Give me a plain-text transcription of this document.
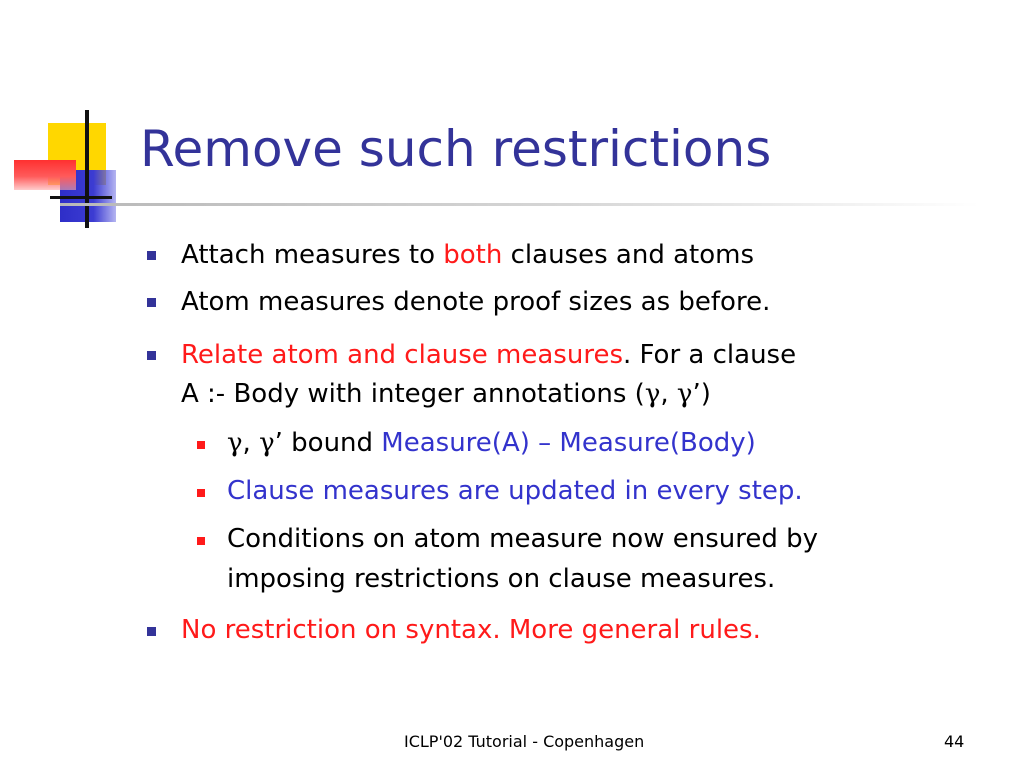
Remove such restrictions
Attach measures to both clauses and atoms
Atom measures denote proof sizes as before.
Relate atom and clause measures. For a clause
A :- Body with integer annotations (γ, γ’)
γ, γ’ bound Measure(A) – Measure(Body)
Clause measures are updated in every step.
Conditions on atom measure now ensured by
imposing restrictions on clause measures.
No restriction on syntax. More general rules.
ICLP'02 Tutorial - Copenhagen	44
